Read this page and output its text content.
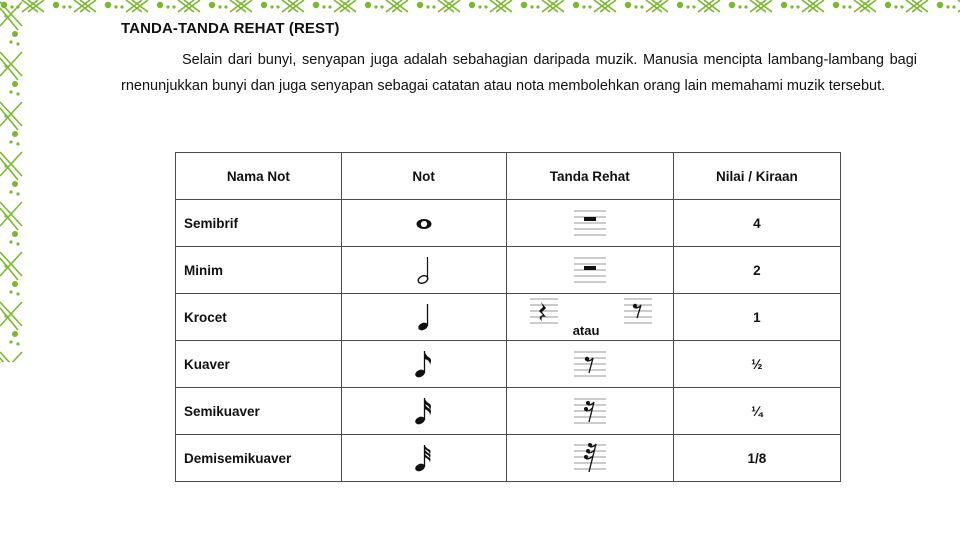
TANDA-TANDA REHAT (REST)
Selain dari bunyi, senyapan juga adalah sebahagian daripada muzik. Manusia mencipta lambang-lambang bagi rnenunjukkan bunyi dan juga senyapan sebagai catatan atau nota membolehkan orang lain memahami muzik tersebut.
Nama Not	Not	Tanda Rehat	Nilai / Kiraan
Semibrif			4
Minim			2
Krocet		atau	1
Kuaver			½
Semikuaver			¼
Demisemikuaver			1/8
